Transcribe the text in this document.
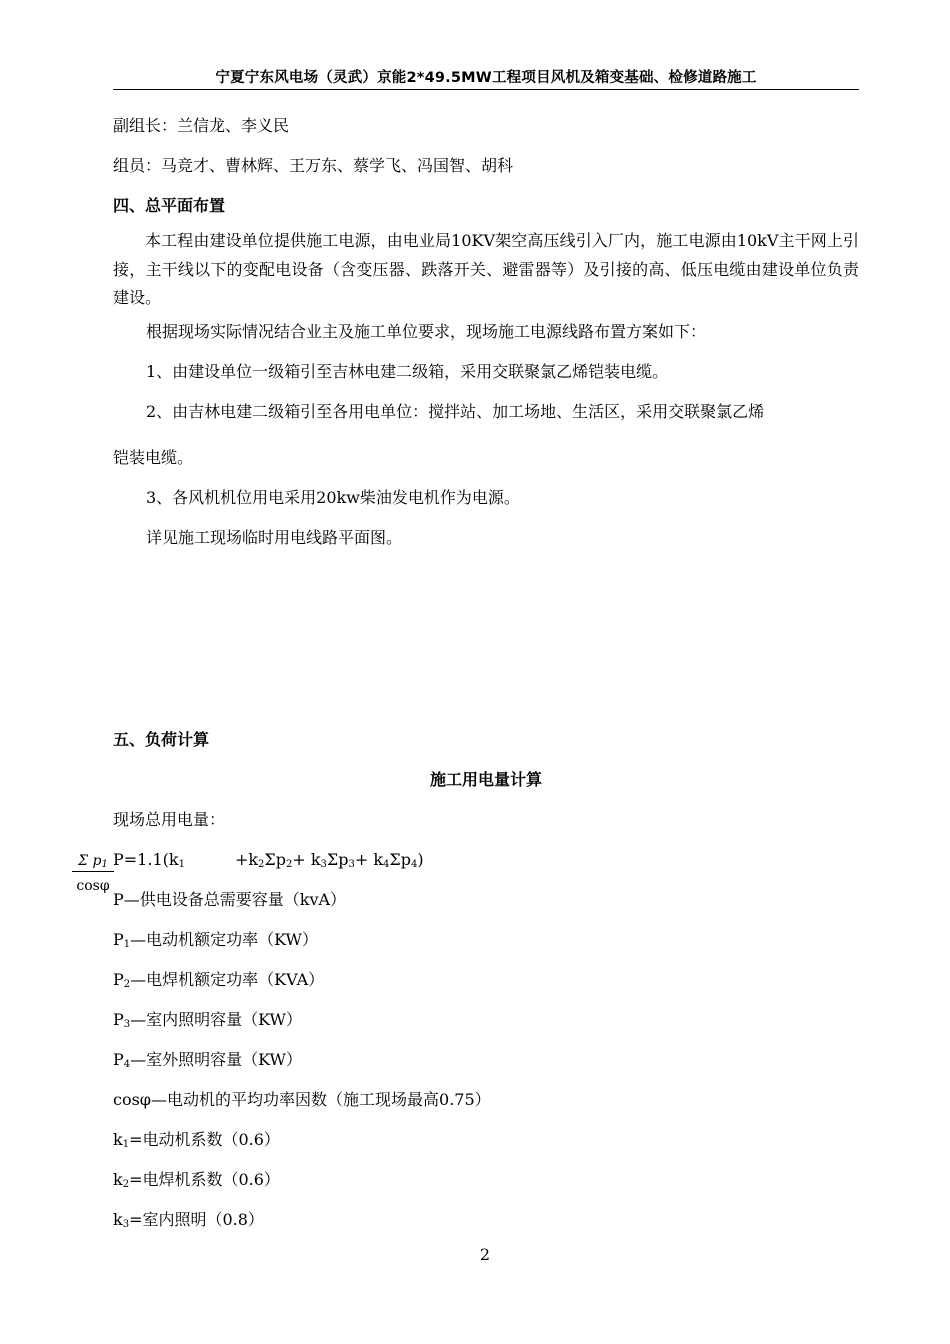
宁夏宁东风电场（灵武）京能2*49.5MW工程项目风机及箱变基础、检修道路施工
副组长：兰信龙、李义民
组员：马竞才、曹林辉、王万东、蔡学飞、冯国智、胡科
四、总平面布置
本工程由建设单位提供施工电源，由电业局10KV架空高压线引入厂内，施工电源由10kV主干网上引接，主干线以下的变配电设备（含变压器、跌落开关、避雷器等）及引接的高、低压电缆由建设单位负责建设。
根据现场实际情况结合业主及施工单位要求，现场施工电源线路布置方案如下：
1、由建设单位一级箱引至吉林电建二级箱，采用交联聚氯乙烯铠装电缆。
2、由吉林电建二级箱引至各用电单位：搅拌站、加工场地、生活区，采用交联聚氯乙烯
铠装电缆。
3、各风机机位用电采用20kw柴油发电机作为电源。
详见施工现场临时用电线路平面图。
五、负荷计算
施工用电量计算
现场总用电量：
$\frac{\Sigma p_1}{\cos\varphi}$
$P=1.1(k_1$	$+k_2\Sigma p_2+ k_3\Sigma p_3+ k_4\Sigma p_4$)
P—供电设备总需要容量（kvA）
$P_1—$电动机额定功率（KW）
$P_2—$电焊机额定功率（KVA）
$P_3—$室内照明容量（KW）
$P_4—$室外照明容量（KW）
cosφ—电动机的平均功率因数（施工现场最高0.75）
$k_1=$电动机系数（0.6）
$k_2=$电焊机系数（0.6）
$k_3=$室内照明（0.8）
2
